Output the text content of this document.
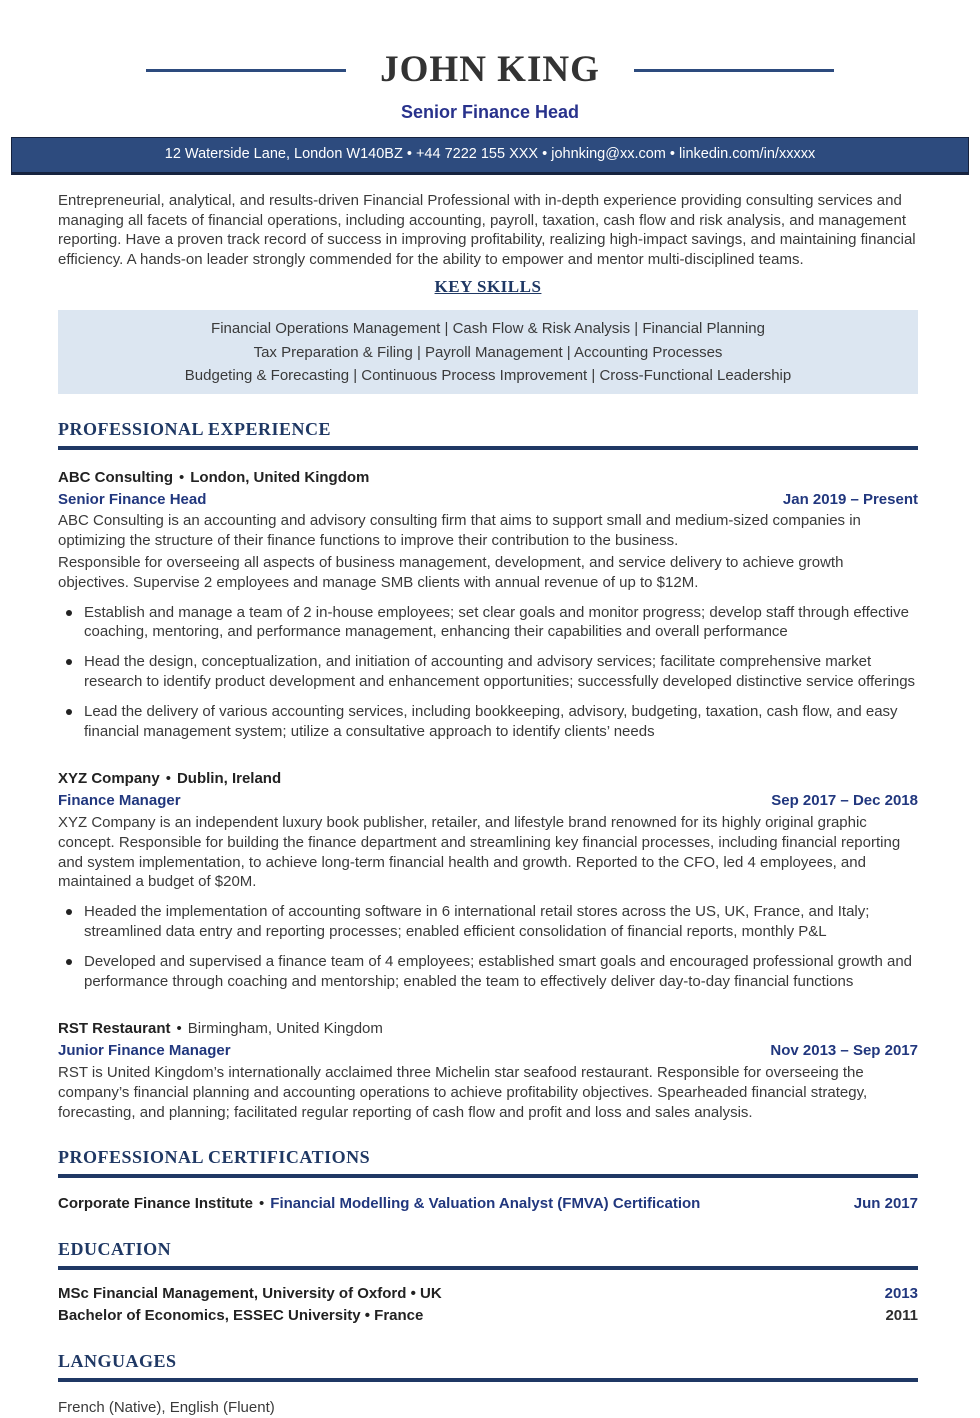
JOHN KING
Senior Finance Head
12 Waterside Lane, London W140BZ • +44 7222 155 XXX • johnking@xx.com • linkedin.com/in/xxxxx

Entrepreneurial, analytical, and results-driven Financial Professional with in-depth experience providing consulting services and managing all facets of financial operations, including accounting, payroll, taxation, cash flow and risk analysis, and management reporting. Have a proven track record of success in improving profitability, realizing high-impact savings, and maintaining financial efficiency. A hands-on leader strongly commended for the ability to empower and mentor multi-disciplined teams.

KEY SKILLS
Financial Operations Management | Cash Flow & Risk Analysis | Financial Planning
Tax Preparation & Filing | Payroll Management | Accounting Processes
Budgeting & Forecasting | Continuous Process Improvement | Cross-Functional Leadership
PROFESSIONAL EXPERIENCE
ABC Consulting • London, United Kingdom
Senior Finance Head	Jan 2019 – Present

ABC Consulting is an accounting and advisory consulting firm that aims to support small and medium-sized companies in optimizing the structure of their finance functions to improve their contribution to the business.

Responsible for overseeing all aspects of business management, development, and service delivery to achieve growth objectives. Supervise 2 employees and manage SMB clients with annual revenue of up to $12M.

Establish and manage a team of 2 in-house employees; set clear goals and monitor progress; develop staff through effective coaching, mentoring, and performance management, enhancing their capabilities and overall performance
Head the design, conceptualization, and initiation of accounting and advisory services; facilitate comprehensive market research to identify product development and enhancement opportunities; successfully developed distinctive service offerings
Lead the delivery of various accounting services, including bookkeeping, advisory, budgeting, taxation, cash flow, and easy financial management system; utilize a consultative approach to identify clients’ needs
XYZ Company • Dublin, Ireland
Finance Manager	Sep 2017 – Dec 2018

XYZ Company is an independent luxury book publisher, retailer, and lifestyle brand renowned for its highly original graphic concept. Responsible for building the finance department and streamlining key financial processes, including financial reporting and system implementation, to achieve long-term financial health and growth. Reported to the CFO, led 4 employees, and maintained a budget of $20M.

Headed the implementation of accounting software in 6 international retail stores across the US, UK, France, and Italy; streamlined data entry and reporting processes; enabled efficient consolidation of financial reports, monthly P&L
Developed and supervised a finance team of 4 employees; established smart goals and encouraged professional growth and performance through coaching and mentorship; enabled the team to effectively deliver day-to-day financial functions
RST Restaurant • Birmingham, United Kingdom
Junior Finance Manager	Nov 2013 – Sep 2017

RST is United Kingdom’s internationally acclaimed three Michelin star seafood restaurant. Responsible for overseeing the company’s financial planning and accounting operations to achieve profitability objectives. Spearheaded financial strategy, forecasting, and planning; facilitated regular reporting of cash flow and profit and loss and sales analysis.

PROFESSIONAL CERTIFICATIONS
Corporate Finance Institute • Financial Modelling & Valuation Analyst (FMVA) Certification	Jun 2017
EDUCATION
MSc Financial Management, University of Oxford • UK	2013
Bachelor of Economics, ESSEC University • France	2011
LANGUAGES

French (Native), English (Fluent)
